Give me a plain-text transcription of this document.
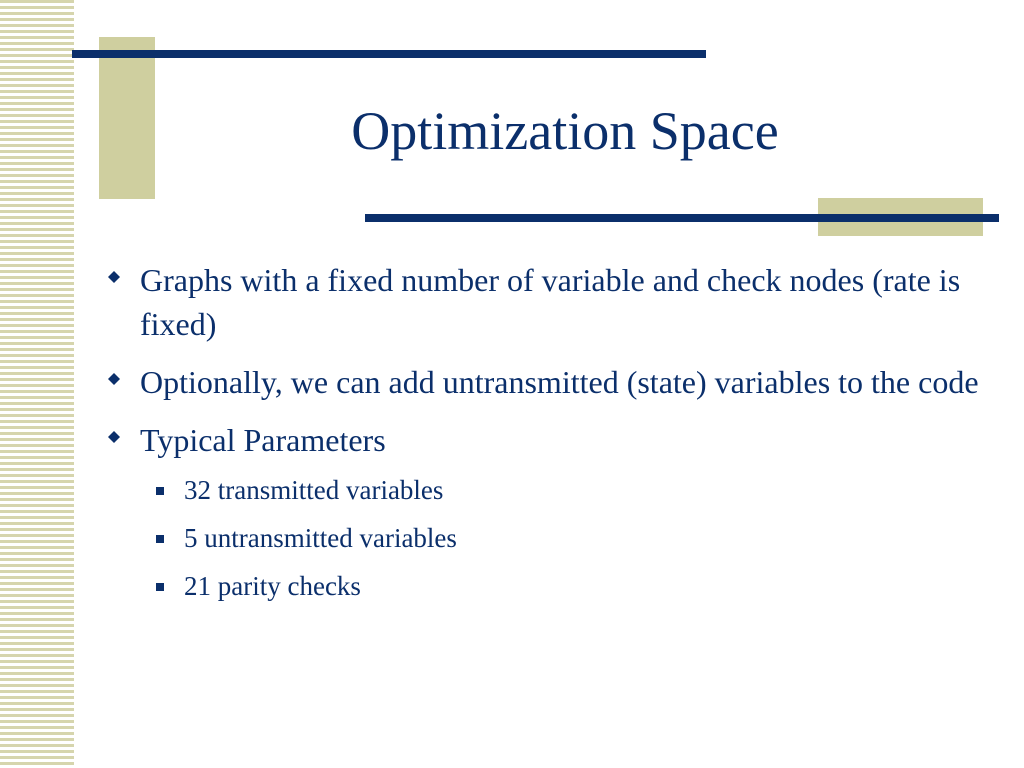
Optimization Space
Graphs with a fixed number of variable and check nodes (rate is fixed)
Optionally, we can add untransmitted (state) variables to the code
Typical Parameters
32 transmitted variables
5 untransmitted variables
21 parity checks
